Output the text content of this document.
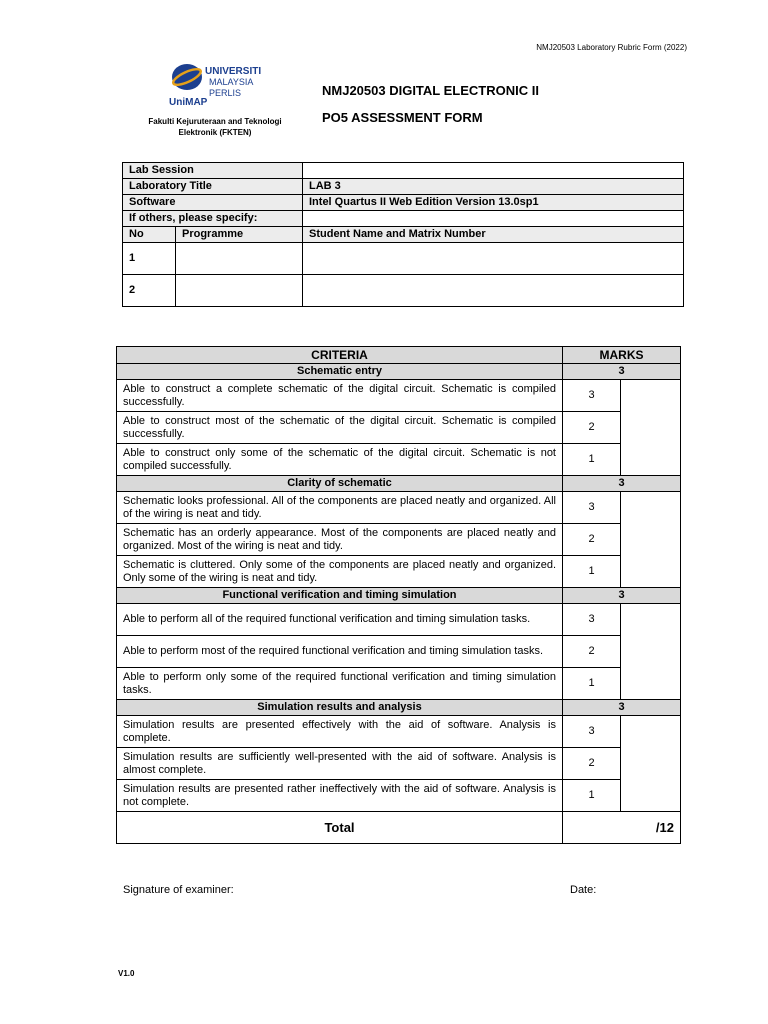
NMJ20503 Laboratory Rubric Form (2022)
UNIVERSITI
MALAYSIA
PERLIS
UniMAP
Fakulti Kejuruteraan and Teknologi
Elektronik (FKTEN)
NMJ20503 DIGITAL ELECTRONIC II
PO5 ASSESSMENT FORM
Lab Session		
Laboratory Title		LAB 3
Software		Intel Quartus II Web Edition Version 13.0sp1
If others, please specify:		
No	Programme	Student Name and Matrix Number
1		
2		
CRITERIA	MARKS	
Schematic entry	3	
Able to construct a complete schematic of the digital circuit. Schematic is compiled successfully.	3	
Able to construct most of the schematic of the digital circuit. Schematic is compiled successfully.	2	
Able to construct only some of the schematic of the digital circuit. Schematic is not compiled successfully.	1	
Clarity of schematic	3	
Schematic looks professional. All of the components are placed neatly and organized. All of the wiring is neat and tidy.	3	
Schematic has an orderly appearance. Most of the components are placed neatly and organized. Most of the wiring is neat and tidy.	2	
Schematic is cluttered. Only some of the components are placed neatly and organized. Only some of the wiring is neat and tidy.	1	
Functional verification and timing simulation	3	
Able to perform all of the required functional verification and timing simulation tasks.	3	
Able to perform most of the required functional verification and timing simulation tasks.	2	
Able to perform only some of the required functional verification and timing simulation tasks.	1	
Simulation results and analysis	3	
Simulation results are presented effectively with the aid of software. Analysis is complete.	3	
Simulation results are sufficiently well-presented with the aid of software. Analysis is almost complete.	2	
Simulation results are presented rather ineffectively with the aid of software. Analysis is not complete.	1	
Total	/12	
Signature of examiner:	Date:
V1.0
